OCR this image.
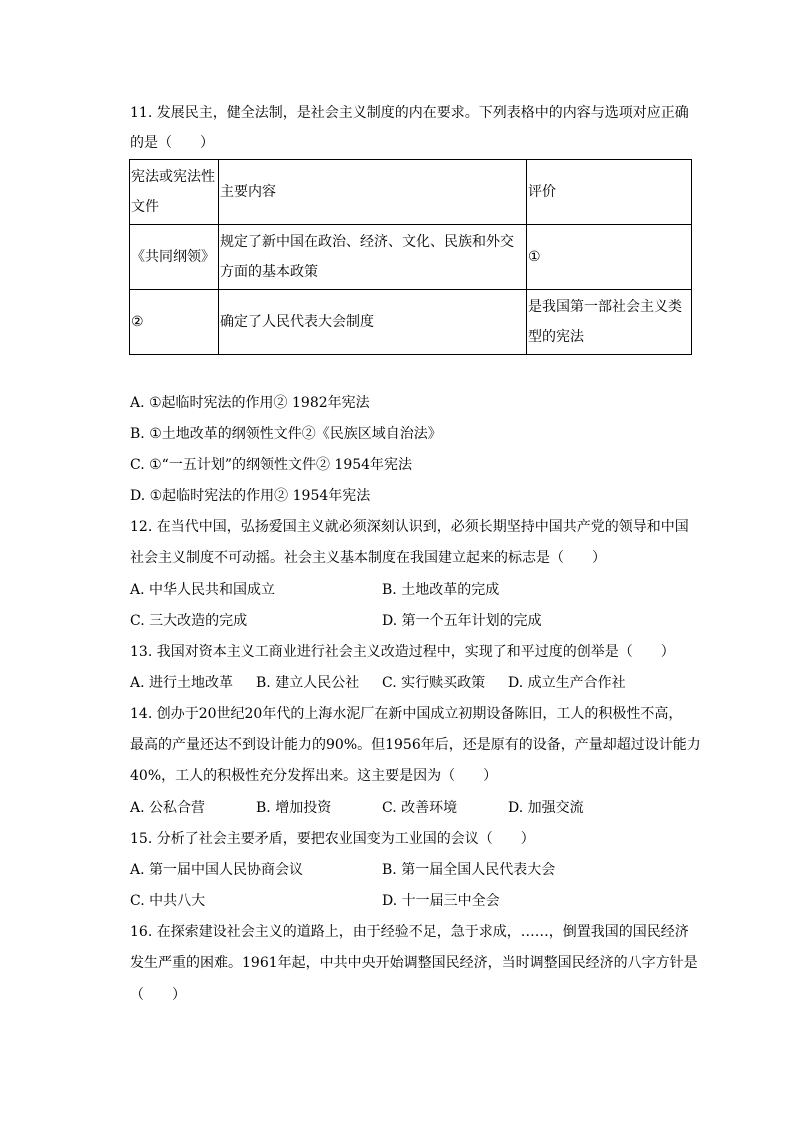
11. 发展民主，健全法制，是社会主义制度的内在要求。下列表格中的内容与选项对应正确
的是（　　）
宪法或宪法性文件	主要内容	评价
《共同纲领》	规定了新中国在政治、经济、文化、民族和外交方面的基本政策	①
②	确定了人民代表大会制度	是我国第一部社会主义类型的宪法
A. ①起临时宪法的作用② 1982年宪法
B. ①土地改革的纲领性文件②《民族区域自治法》
C. ①“一五计划”的纲领性文件② 1954年宪法
D. ①起临时宪法的作用② 1954年宪法
12. 在当代中国，弘扬爱国主义就必须深刻认识到，必须长期坚持中国共产党的领导和中国
社会主义制度不可动摇。社会主义基本制度在我国建立起来的标志是（　　）
A. 中华人民共和国成立	B. 土地改革的完成
C. 三大改造的完成	D. 第一个五年计划的完成
13. 我国对资本主义工商业进行社会主义改造过程中，实现了和平过度的创举是（　　）
A. 进行土地改革 B. 建立人民公社 C. 实行赎买政策 D. 成立生产合作社
14. 创办于20世纪20年代的上海水泥厂在新中国成立初期设备陈旧，工人的积极性不高，
最高的产量还达不到设计能力的90%。但1956年后，还是原有的设备，产量却超过设计能力
40%，工人的积极性充分发挥出来。这主要是因为（　　）
A. 公私合营	B. 增加投资	C. 改善环境	D. 加强交流
15. 分析了社会主要矛盾，要把农业国变为工业国的会议（　　）
A. 第一届中国人民协商会议	B. 第一届全国人民代表大会
C. 中共八大	D. 十一届三中全会
16. 在探索建设社会主义的道路上，由于经验不足，急于求成，……，倒置我国的国民经济
发生严重的困难。1961年起，中共中央开始调整国民经济，当时调整国民经济的八字方针是
（　　）
